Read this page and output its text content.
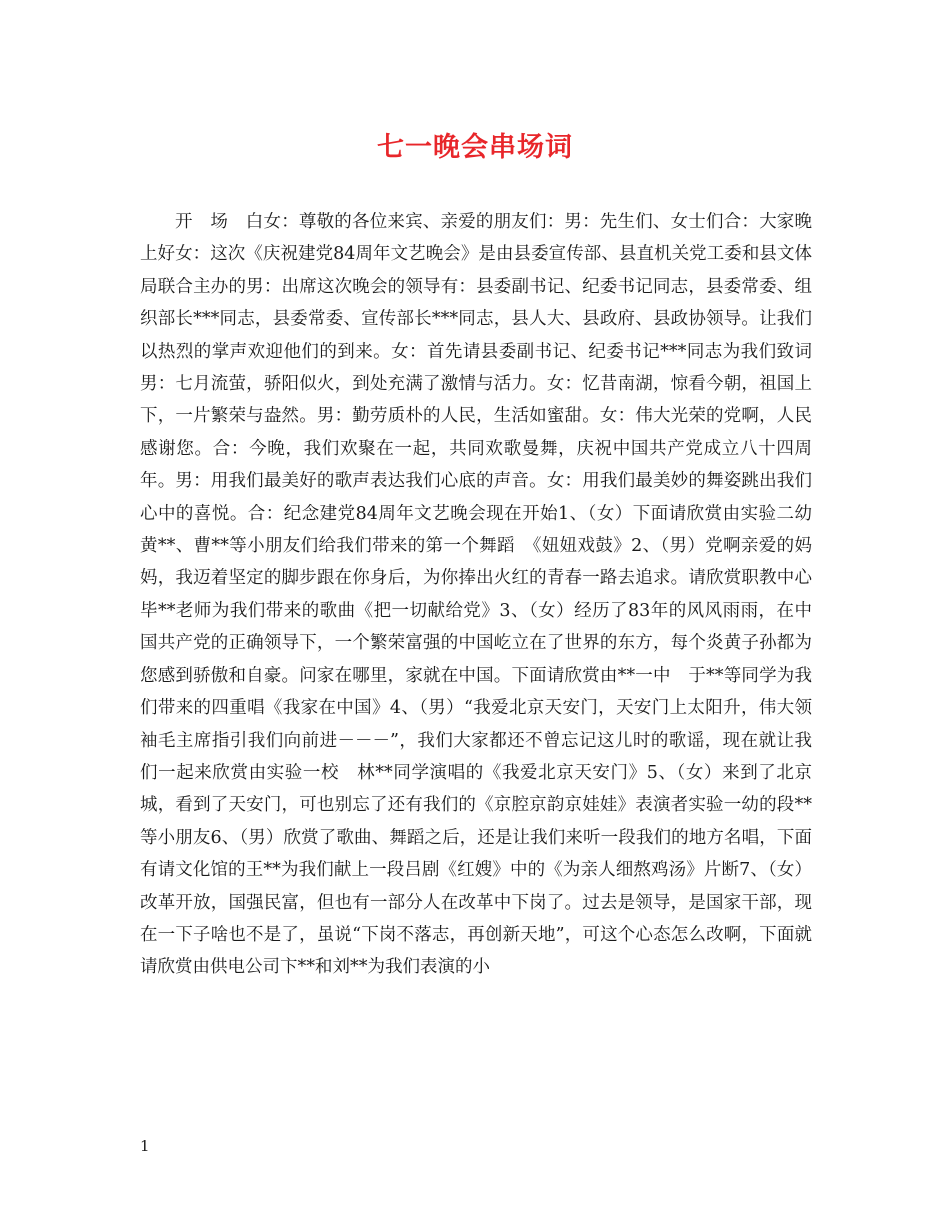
七一晚会串场词

开　场　白女：尊敬的各位来宾、亲爱的朋友们：男：先生们、女士们合：大家晚上好女：这次《庆祝建党84周年文艺晚会》是由县委宣传部、县直机关党工委和县文体局联合主办的男：出席这次晚会的领导有：县委副书记、纪委书记同志，县委常委、组织部长***同志，县委常委、宣传部长***同志，县人大、县政府、县政协领导。让我们以热烈的掌声欢迎他们的到来。女：首先请县委副书记、纪委书记***同志为我们致词男：七月流萤，骄阳似火，到处充满了激情与活力。女：忆昔南湖，惊看今朝，祖国上下，一片繁荣与盎然。男：勤劳质朴的人民，生活如蜜甜。女：伟大光荣的党啊，人民感谢您。合：今晚，我们欢聚在一起，共同欢歌曼舞，庆祝中国共产党成立八十四周年。男：用我们最美好的歌声表达我们心底的声音。女：用我们最美妙的舞姿跳出我们心中的喜悦。合：纪念建党84周年文艺晚会现在开始1、（女）下面请欣赏由实验二幼　黄**、曹**等小朋友们给我们带来的第一个舞蹈　《妞妞戏鼓》2、（男）党啊亲爱的妈妈，我迈着坚定的脚步跟在你身后，为你捧出火红的青春一路去追求。请欣赏职教中心毕**老师为我们带来的歌曲《把一切献给党》3、（女）经历了83年的风风雨雨，在中国共产党的正确领导下，一个繁荣富强的中国屹立在了世界的东方，每个炎黄子孙都为您感到骄傲和自豪。问家在哪里，家就在中国。下面请欣赏由**一中　于**等同学为我们带来的四重唱《我家在中国》4、（男）“我爱北京天安门，天安门上太阳升，伟大领袖毛主席指引我们向前进－－－”，我们大家都还不曾忘记这儿时的歌谣，现在就让我们一起来欣赏由实验一校　林**同学演唱的《我爱北京天安门》5、（女）来到了北京城，看到了天安门，可也别忘了还有我们的《京腔京韵京娃娃》表演者实验一幼的段**等小朋友6、（男）欣赏了歌曲、舞蹈之后，还是让我们来听一段我们的地方名唱，下面有请文化馆的王**为我们献上一段吕剧《红嫂》中的《为亲人细熬鸡汤》片断7、（女）改革开放，国强民富，但也有一部分人在改革中下岗了。过去是领导，是国家干部，现在一下子啥也不是了，虽说“下岗不落志，再创新天地”，可这个心态怎么改啊，下面就请欣赏由供电公司卞**和刘**为我们表演的小

1
